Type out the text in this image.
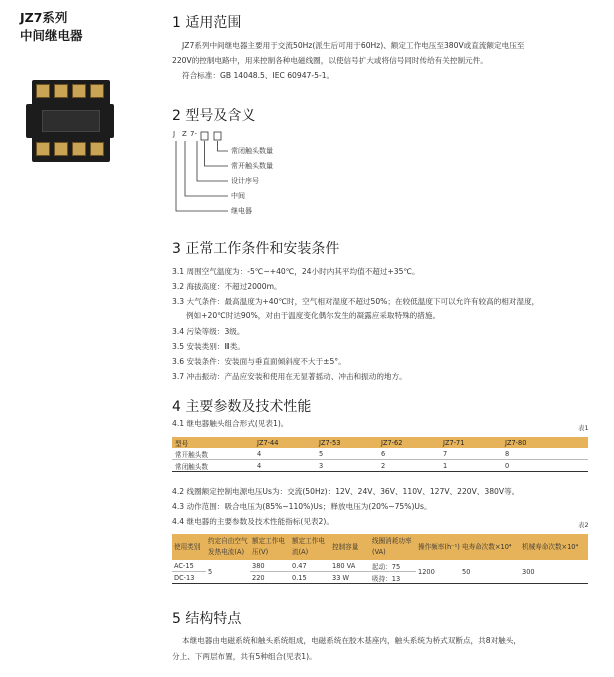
JZ7系列
中间继电器
1 适用范围
JZ7系列中间继电器主要用于交流50Hz(派生后可用于60Hz)、额定工作电压至380V或直流额定电压至
220V的控制电路中，用来控制各种电磁线圈，以使信号扩大或将信号同时传给有关控制元件。
符合标准：GB 14048.5、IEC 60947-5-1。
2 型号及含义
J Z 7-
常闭触头数量
常开触头数量
设计序号
中间
继电器
3 正常工作条件和安装条件
3.1 周围空气温度为：-5℃~+40℃，24小时内其平均值不超过+35℃。
3.2 海拔高度：不超过2000m。
3.3 大气条件：最高温度为+40℃时，空气相对湿度不超过50%；在较低温度下可以允许有较高的相对湿度，
例如+20℃时达90%，对由于温度变化偶尔发生的凝露应采取特殊的措施。
3.4 污染等级：3级。
3.5 安装类别：Ⅲ类。
3.6 安装条件：安装面与垂直面倾斜度不大于±5°。
3.7 冲击振动：产品应安装和使用在无显著摇动、冲击和振动的地方。
4 主要参数及技术性能
4.1 继电器触头组合形式(见表1)。	表1
型号	JZ7-44	JZ7-53	JZ7-62	JZ7-71	JZ7-80
常开触头数	4	5	6	7	8
常闭触头数	4	3	2	1	0
4.2 线圈额定控制电源电压Us为：交流(50Hz)：12V、24V、36V、110V、127V、220V、380V等。
4.3 动作范围：吸合电压为(85%~110%)Us；释放电压为(20%~75%)Us。
4.4 继电器的主要参数及技术性能指标(见表2)。	表2
使用类别	约定自由空气发热电流(A)	额定工作电压(V)	额定工作电流(A)	控制容量	线圈消耗功率(VA)	操作频率(h⁻¹)	电寿命次数×10⁴	机械寿命次数×10⁴
AC-15	5	380	0.47	180 VA	起动：75	1200	50	300
DC-13		220	0.15	33 W	吸持：13			
5 结构特点
本继电器由电磁系统和触头系统组成，电磁系统在胶木基座内，触头系统为桥式双断点，共8对触头，
分上、下两层布置，共有5种组合(见表1)。
